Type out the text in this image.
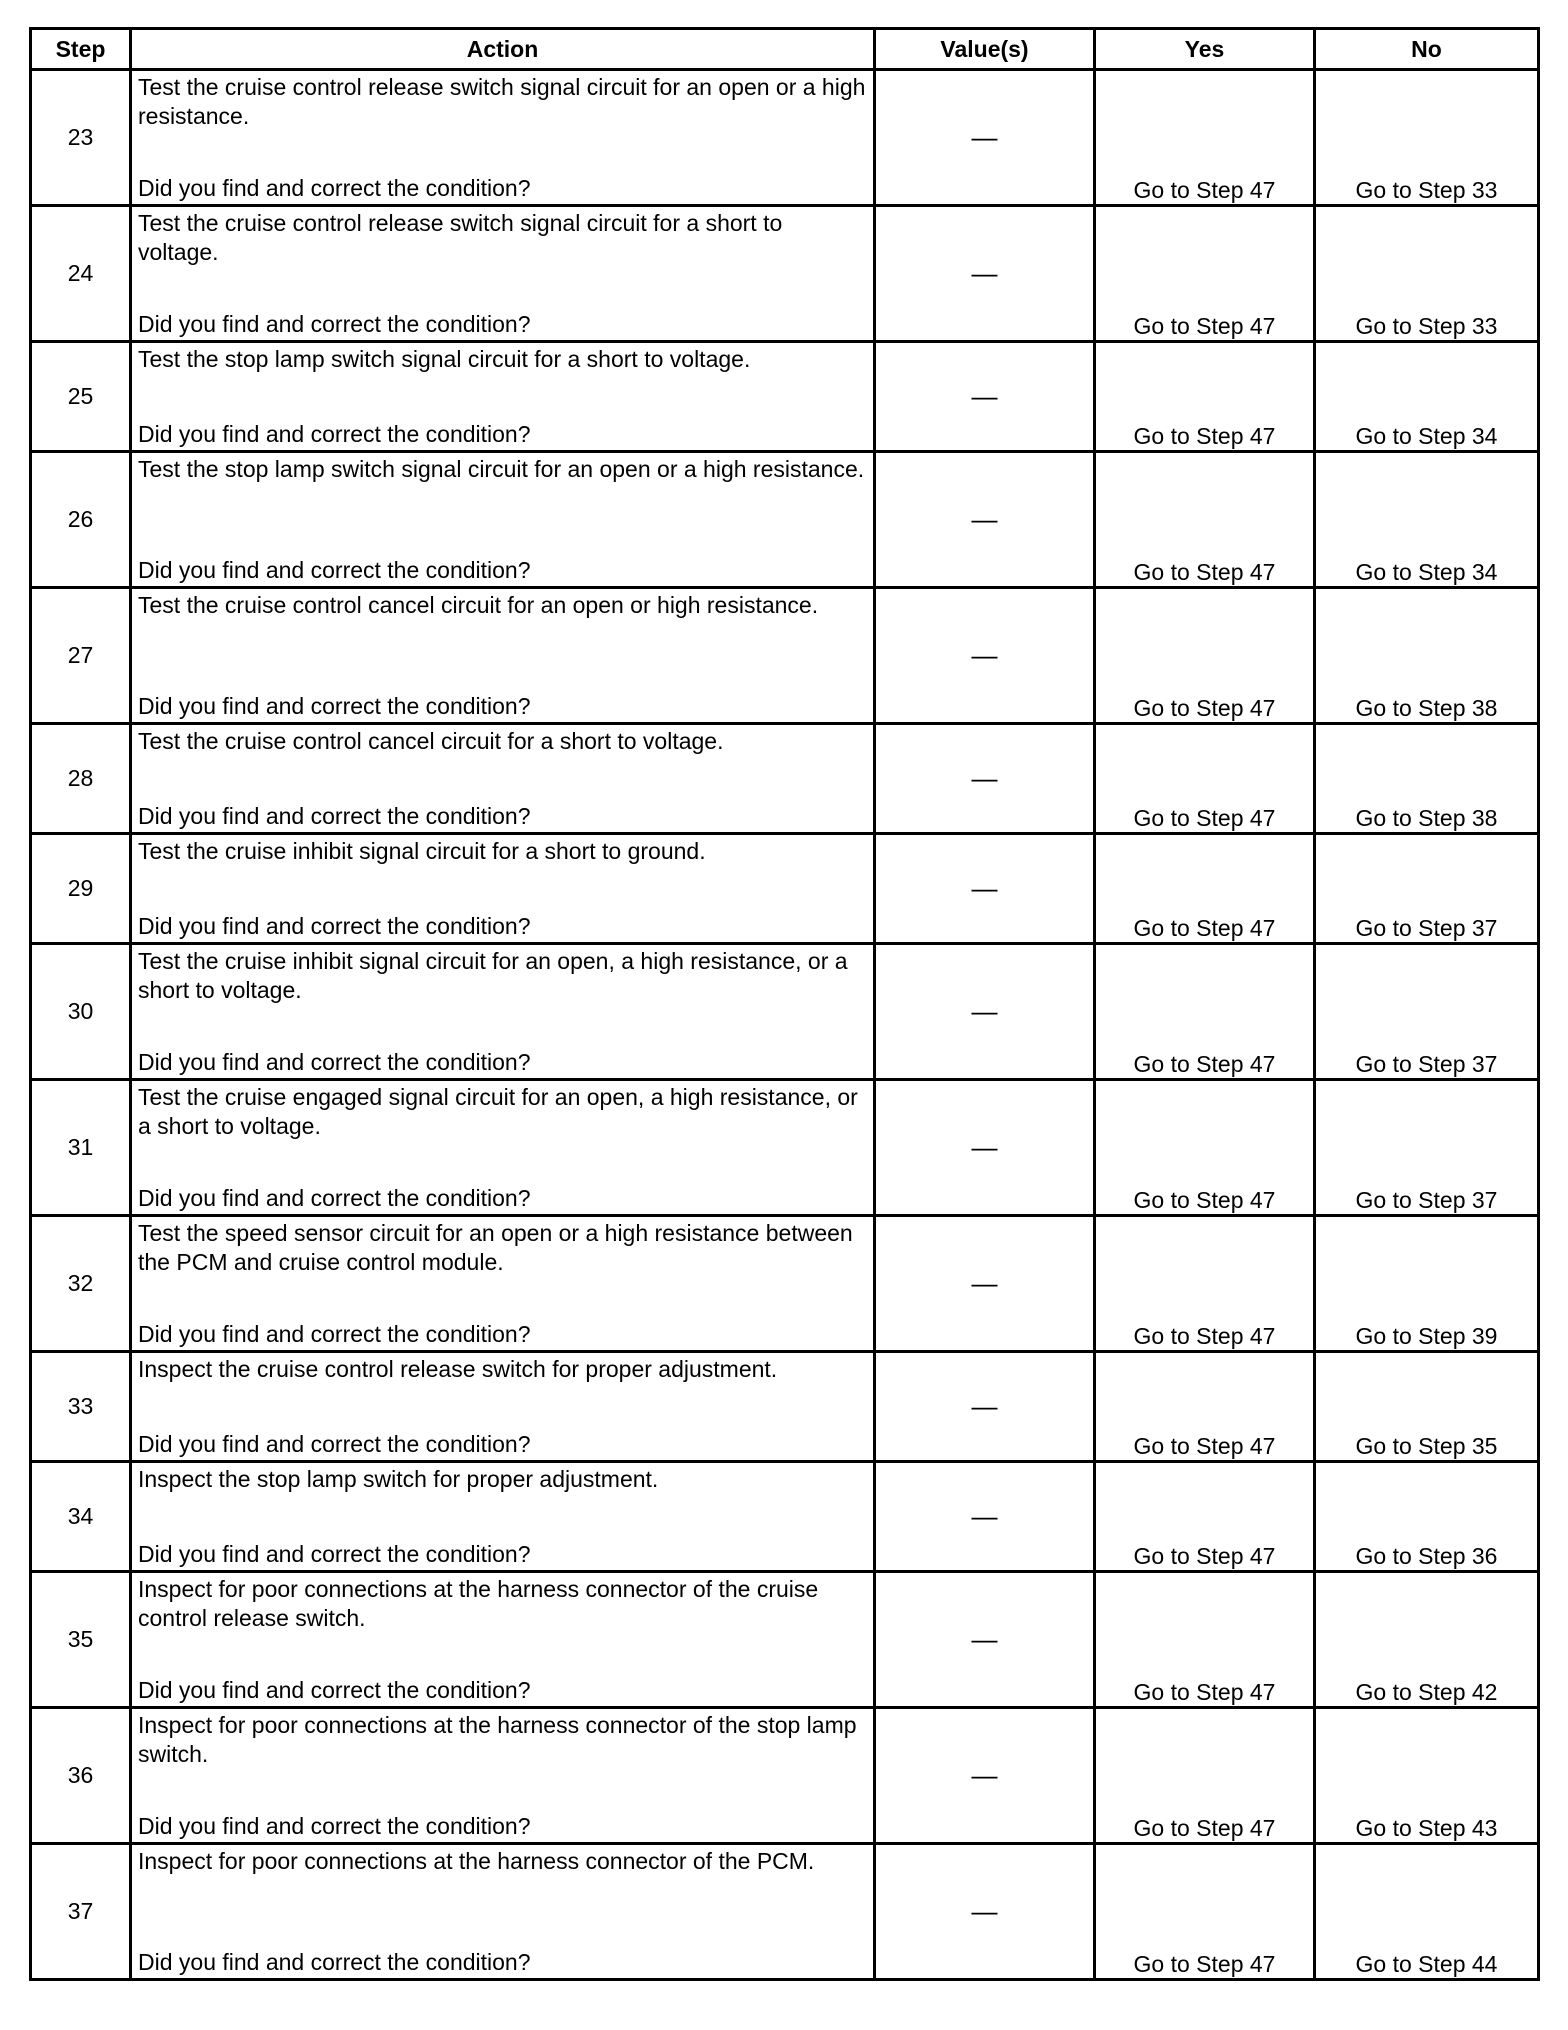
Step	Action	Value(s)	Yes	No
23	Test the cruise control release switch signal circuit for an open or a high resistance.
Did you find and correct the condition?	—	Go to Step 47	Go to Step 33
24	Test the cruise control release switch signal circuit for a short to voltage.
Did you find and correct the condition?	—	Go to Step 47	Go to Step 33
25	Test the stop lamp switch signal circuit for a short to voltage.
Did you find and correct the condition?	—	Go to Step 47	Go to Step 34
26	Test the stop lamp switch signal circuit for an open or a high resistance.
Did you find and correct the condition?	—	Go to Step 47	Go to Step 34
27	Test the cruise control cancel circuit for an open or high resistance.
Did you find and correct the condition?	—	Go to Step 47	Go to Step 38
28	Test the cruise control cancel circuit for a short to voltage.
Did you find and correct the condition?	—	Go to Step 47	Go to Step 38
29	Test the cruise inhibit signal circuit for a short to ground.
Did you find and correct the condition?	—	Go to Step 47	Go to Step 37
30	Test the cruise inhibit signal circuit for an open, a high resistance, or a short to voltage.
Did you find and correct the condition?	—	Go to Step 47	Go to Step 37
31	Test the cruise engaged signal circuit for an open, a high resistance, or a short to voltage.
Did you find and correct the condition?	—	Go to Step 47	Go to Step 37
32	Test the speed sensor circuit for an open or a high resistance between the PCM and cruise control module.
Did you find and correct the condition?	—	Go to Step 47	Go to Step 39
33	Inspect the cruise control release switch for proper adjustment.
Did you find and correct the condition?	—	Go to Step 47	Go to Step 35
34	Inspect the stop lamp switch for proper adjustment.
Did you find and correct the condition?	—	Go to Step 47	Go to Step 36
35	Inspect for poor connections at the harness connector of the cruise control release switch.
Did you find and correct the condition?	—	Go to Step 47	Go to Step 42
36	Inspect for poor connections at the harness connector of the stop lamp switch.
Did you find and correct the condition?	—	Go to Step 47	Go to Step 43
37	Inspect for poor connections at the harness connector of the PCM.
Did you find and correct the condition?	—	Go to Step 47	Go to Step 44
